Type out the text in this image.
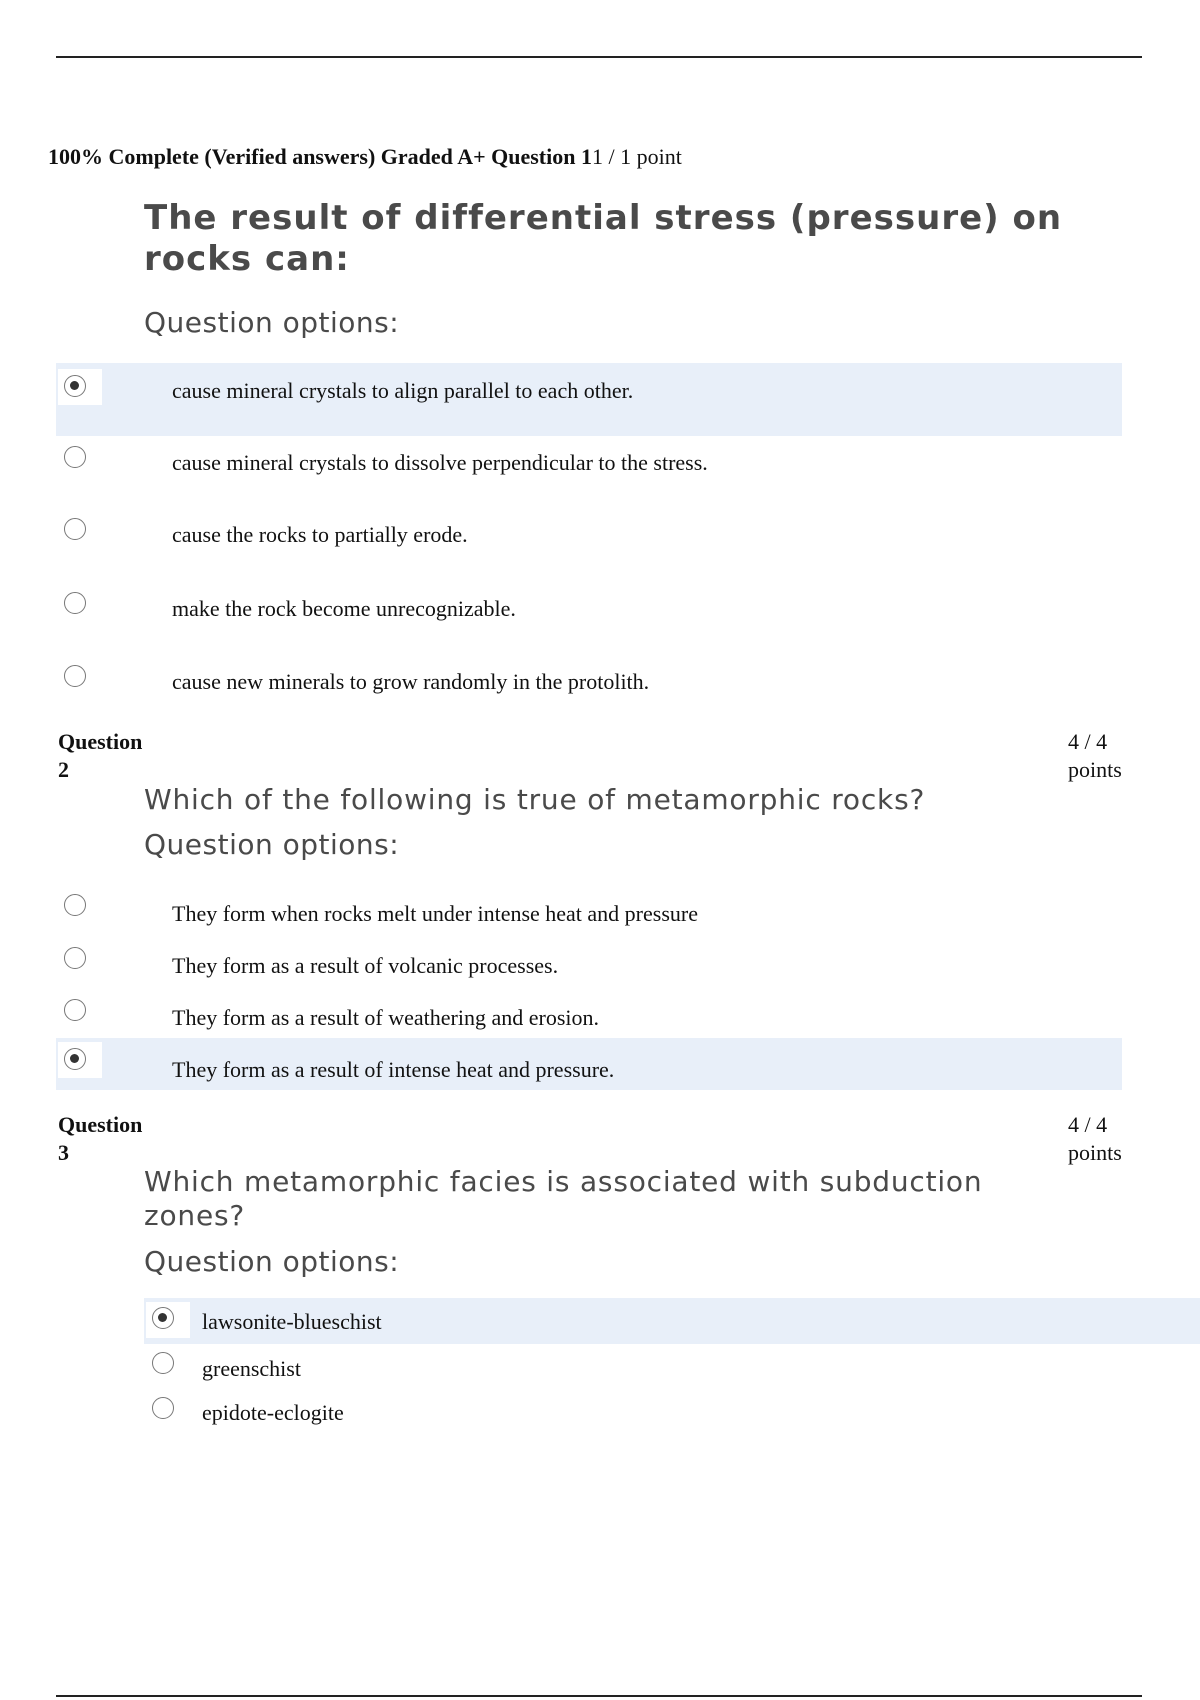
100% Complete (Verified answers) Graded A+ Question 11 / 1 point
The result of differential stress (pressure) on rocks can:
Question options:
cause mineral crystals to align parallel to each other.
cause mineral crystals to dissolve perpendicular to the stress.
cause the rocks to partially erode.
make the rock become unrecognizable.
cause new minerals to grow randomly in the protolith.
Question
2
4 / 4
points
Which of the following is true of metamorphic rocks?
Question options:
They form when rocks melt under intense heat and pressure
They form as a result of volcanic processes.
They form as a result of weathering and erosion.
They form as a result of intense heat and pressure.
Question
3
4 / 4
points
Which metamorphic facies is associated with subduction zones?
Question options:
lawsonite-blueschist
greenschist
epidote-eclogite
